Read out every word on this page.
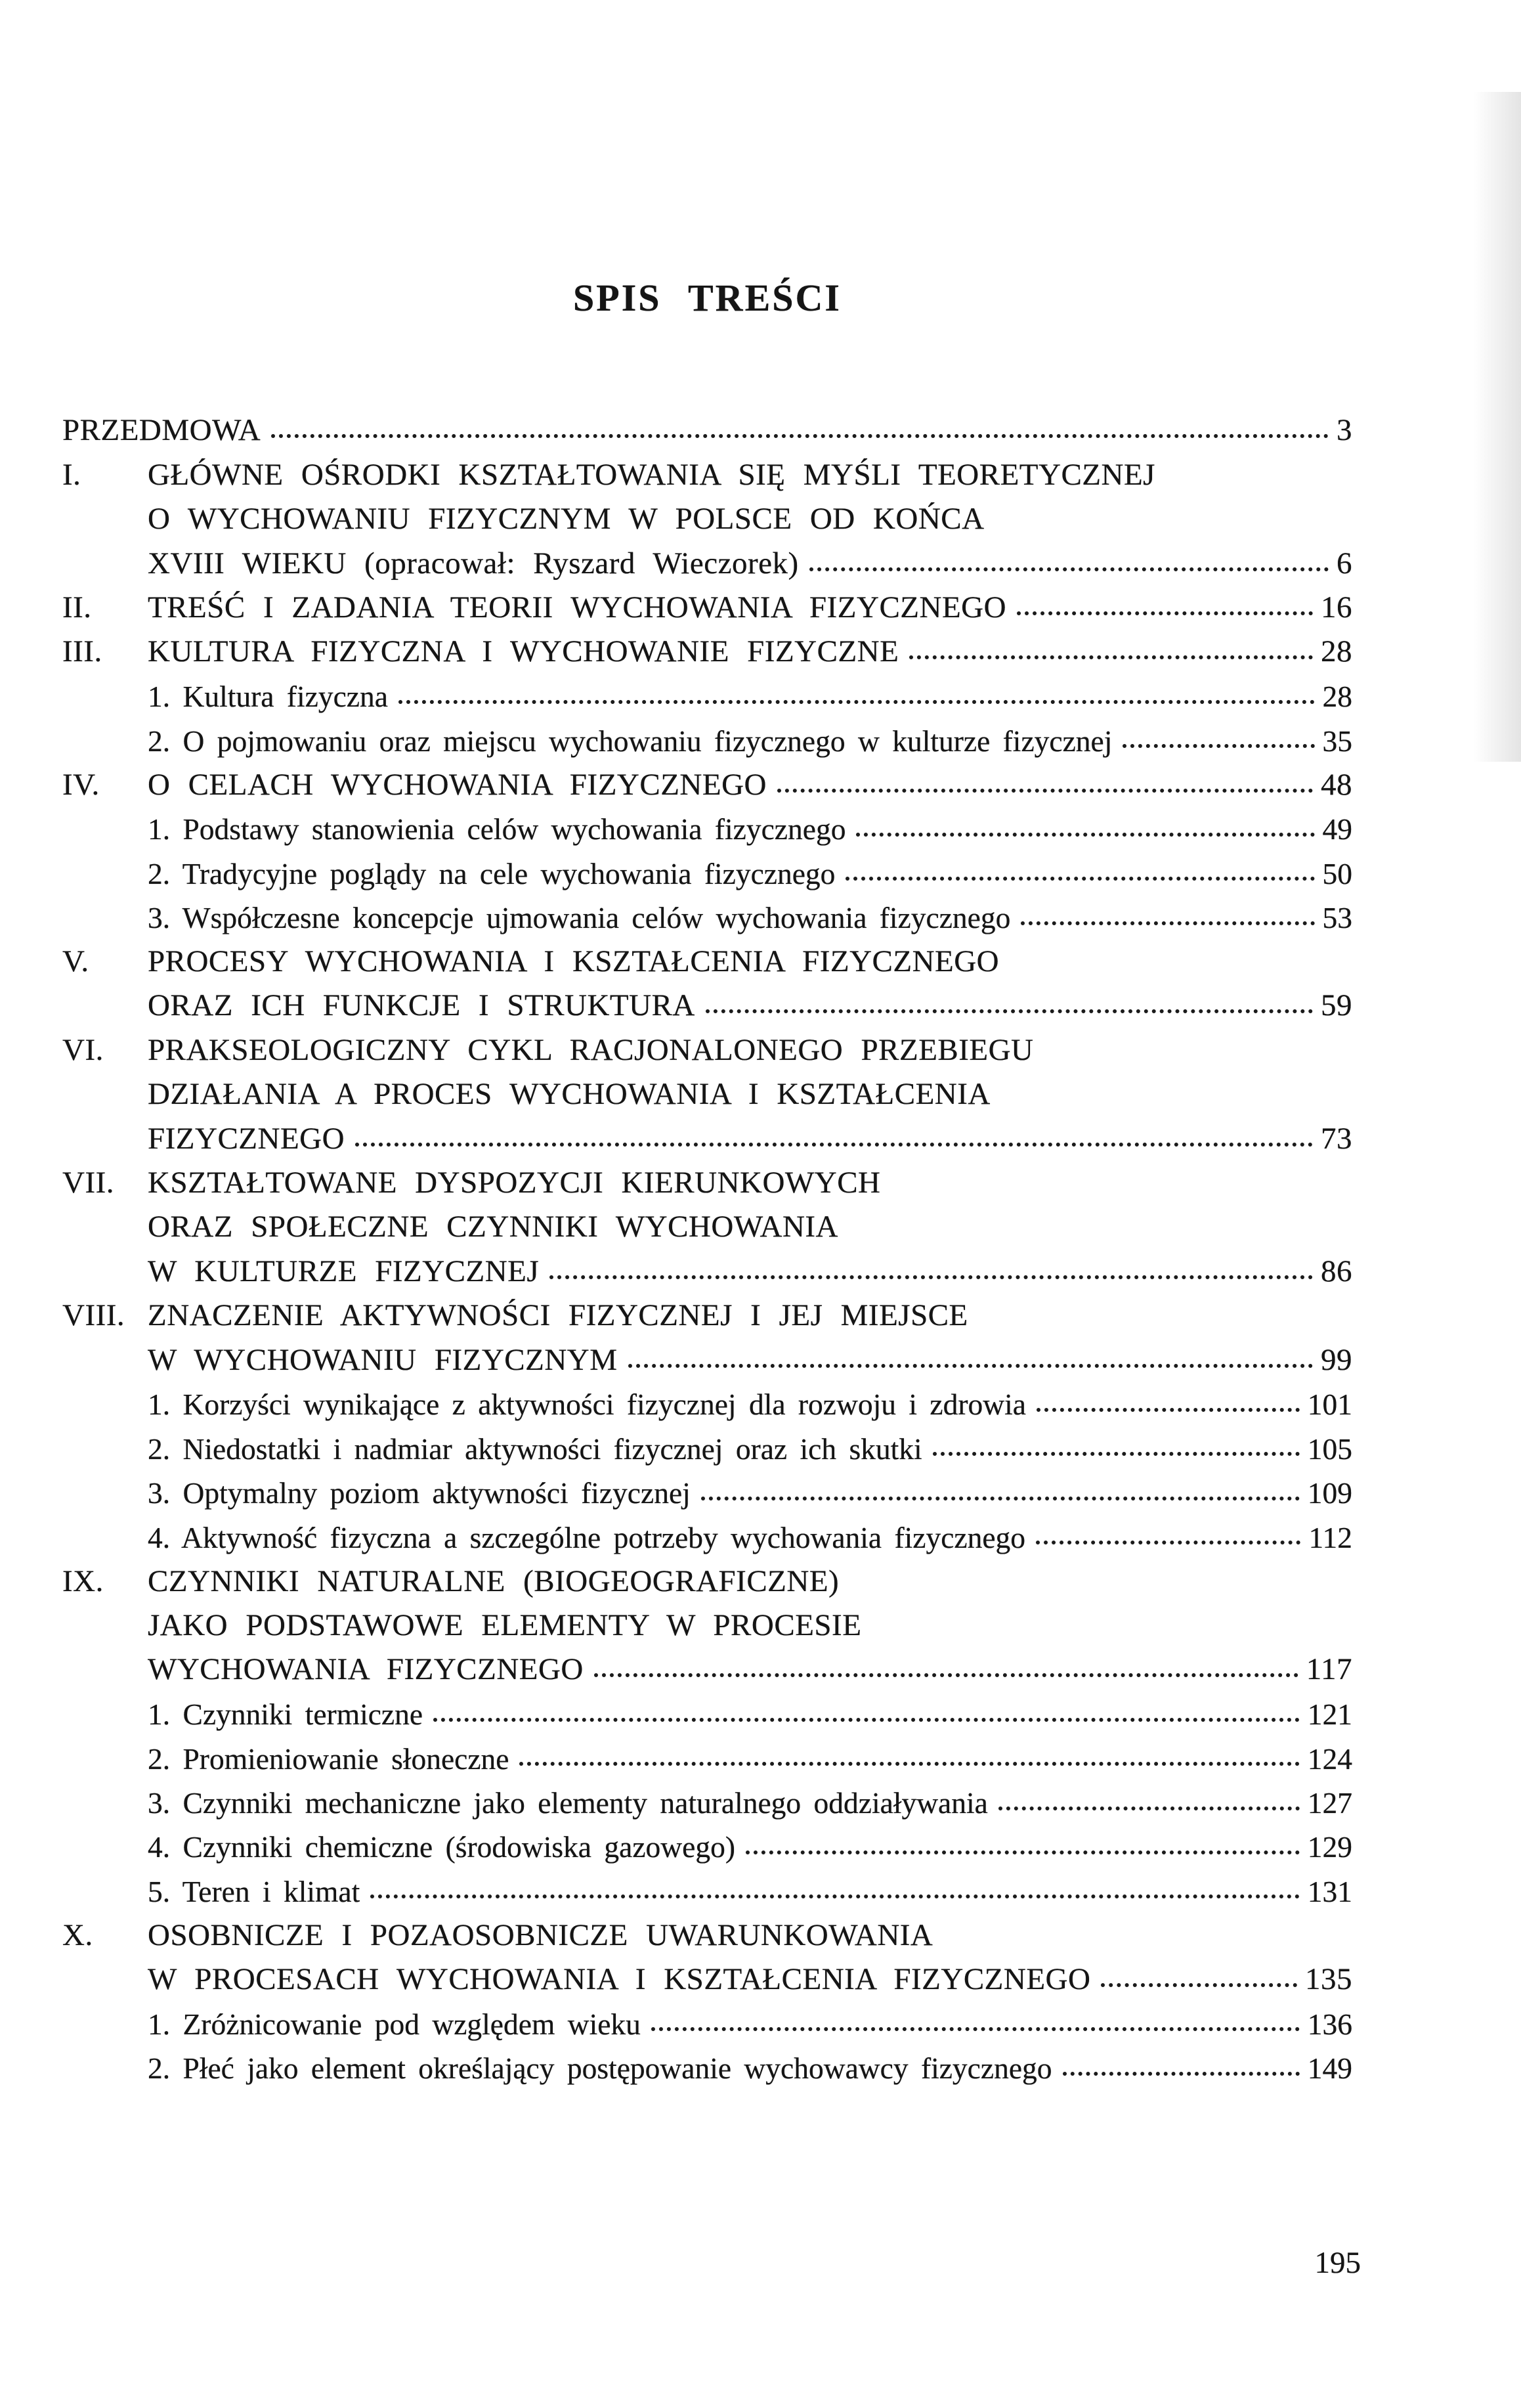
SPIS TREŚCI
PRZEDMOWA	3
I. GŁÓWNE OŚRODKI KSZTAŁTOWANIA SIĘ MYŚLI TEORETYCZNEJ
O WYCHOWANIU FIZYCZNYM W POLSCE OD KOŃCA
XVIII WIEKU (opracował: Ryszard Wieczorek)	6
II. TREŚĆ I ZADANIA TEORII WYCHOWANIA FIZYCZNEGO	16
III. KULTURA FIZYCZNA I WYCHOWANIE FIZYCZNE	28
1. Kultura fizyczna	28
2. O pojmowaniu oraz miejscu wychowaniu fizycznego w kulturze fizycznej	35
IV. O CELACH WYCHOWANIA FIZYCZNEGO	48
1. Podstawy stanowienia celów wychowania fizycznego	49
2. Tradycyjne poglądy na cele wychowania fizycznego	50
3. Współczesne koncepcje ujmowania celów wychowania fizycznego	53
V. PROCESY WYCHOWANIA I KSZTAŁCENIA FIZYCZNEGO
ORAZ ICH FUNKCJE I STRUKTURA	59
VI. PRAKSEOLOGICZNY CYKL RACJONALONEGO PRZEBIEGU
DZIAŁANIA A PROCES WYCHOWANIA I KSZTAŁCENIA
FIZYCZNEGO	73
VII. KSZTAŁTOWANE DYSPOZYCJI KIERUNKOWYCH
ORAZ SPOŁECZNE CZYNNIKI WYCHOWANIA
W KULTURZE FIZYCZNEJ	86
VIII. ZNACZENIE AKTYWNOŚCI FIZYCZNEJ I JEJ MIEJSCE
W WYCHOWANIU FIZYCZNYM	99
1. Korzyści wynikające z aktywności fizycznej dla rozwoju i zdrowia	101
2. Niedostatki i nadmiar aktywności fizycznej oraz ich skutki	105
3. Optymalny poziom aktywności fizycznej	109
4. Aktywność fizyczna a szczególne potrzeby wychowania fizycznego	112
IX. CZYNNIKI NATURALNE (BIOGEOGRAFICZNE)
JAKO PODSTAWOWE ELEMENTY W PROCESIE
WYCHOWANIA FIZYCZNEGO	117
1. Czynniki termiczne	121
2. Promieniowanie słoneczne	124
3. Czynniki mechaniczne jako elementy naturalnego oddziaływania	127
4. Czynniki chemiczne (środowiska gazowego)	129
5. Teren i klimat	131
X. OSOBNICZE I POZAOSOBNICZE UWARUNKOWANIA
W PROCESACH WYCHOWANIA I KSZTAŁCENIA FIZYCZNEGO	135
1. Zróżnicowanie pod względem wieku	136
2. Płeć jako element określający postępowanie wychowawcy fizycznego	149
195
